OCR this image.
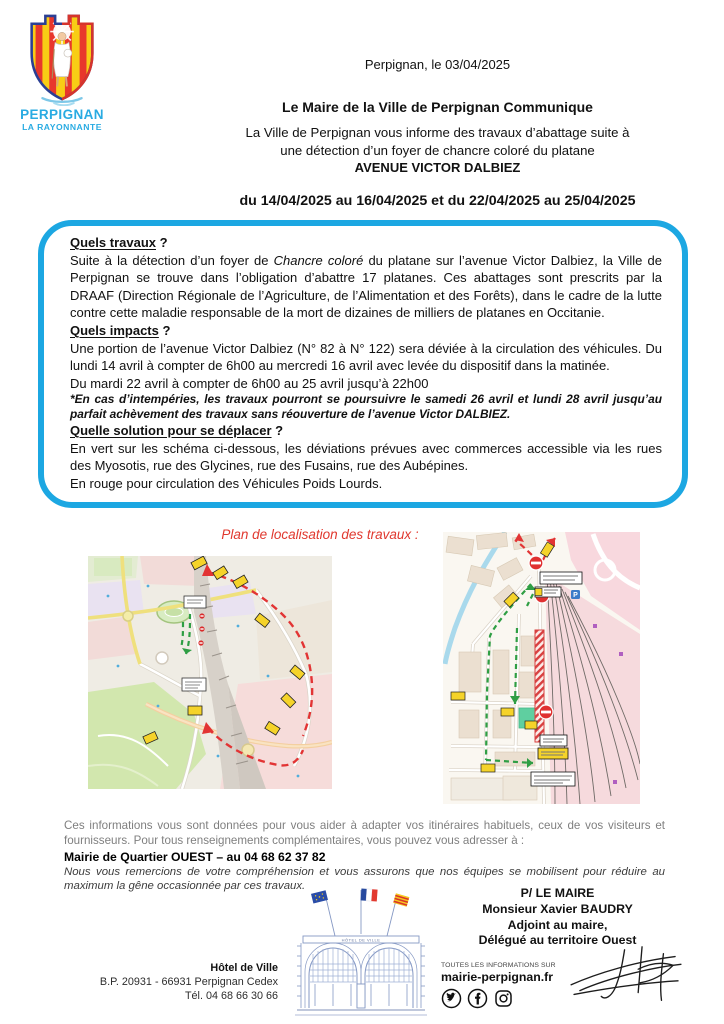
PERPIGNAN
LA RAYONNANTE
Perpignan, le 03/04/2025
Le Maire de la Ville de Perpignan Communique
La Ville de Perpignan vous informe des travaux d’abattage suite à
une détection d’un foyer de chancre coloré du platane
AVENUE VICTOR DALBIEZ
du 14/04/2025 au 16/04/2025 et du 22/04/2025 au 25/04/2025
Quels travaux ?

Suite à la détection d’un foyer de Chancre coloré du platane sur l’avenue Victor Dalbiez, la Ville de Perpignan se trouve dans l’obligation d’abattre 17 platanes. Ces abattages sont prescrits par la DRAAF (Direction Régionale de l’Agriculture, de l’Alimentation et des Forêts), dans le cadre de la lutte contre cette maladie responsable de la mort de dizaines de milliers de platanes en Occitanie.

Quels impacts ?

Une portion de l’avenue Victor Dalbiez (N° 82 à N° 122) sera déviée à la circulation des véhicules. Du lundi 14 avril à compter de 6h00 au mercredi 16 avril avec levée du dispositif dans la matinée.

Du mardi 22 avril à compter de 6h00 au 25 avril jusqu’à 22h00

*En cas d’intempéries, les travaux pourront se poursuivre le samedi 26 avril et lundi 28 avril jusqu’au parfait achèvement des travaux sans réouverture de l’avenue Victor DALBIEZ.

Quelle solution pour se déplacer ?

En vert sur les schéma ci-dessous, les déviations prévues avec commerces accessible via les rues des Myosotis, rue des Glycines, rue des Fusains, rue des Aubépines.

En rouge pour circulation des Véhicules Poids Lourds.

Plan de localisation des travaux :
P

Ces informations vous sont données pour vous aider à adapter vos itinéraires habituels, ceux de vos visiteurs et fournisseurs. Pour tous renseignements complémentaires, vous pouvez vous adresser à :

Mairie de Quartier OUEST – au 04 68 62 37 82

Nous vous remercions de votre compréhension et vous assurons que nos équipes se mobilisent pour réduire au maximum la gêne occasionnée par ces travaux.

P/ LE MAIRE
Monsieur Xavier BAUDRY
Adjoint au maire,
Délégué au territoire Ouest
TOUTES LES INFORMATIONS SUR
mairie-perpignan.fr
Hôtel de Ville
B.P. 20931 - 66931 Perpignan Cedex
Tél. 04 68 66 30 66
HÔTEL DE VILLE
